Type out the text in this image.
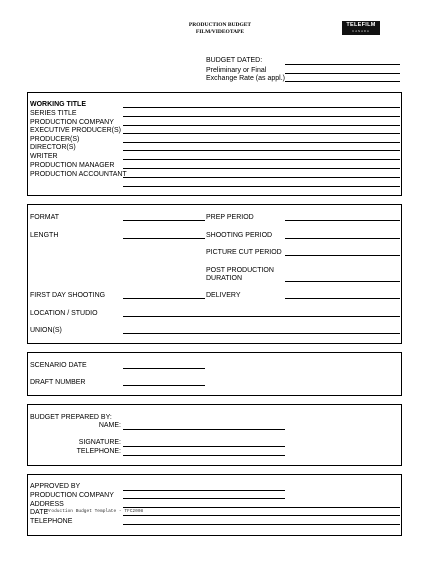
PRODUCTION BUDGET
FILM/VIDEOTAPE
TELEFILM
CANADA
BUDGET DATED:
Preliminary or Final
Exchange Rate (as appl.)
WORKING TITLE
SERIES TITLE
PRODUCTION COMPANY
EXECUTIVE PRODUCER(S)
PRODUCER(S)
DIRECTOR(S)
WRITER
PRODUCTION MANAGER
PRODUCTION ACCOUNTANT
FORMAT	PREP PERIOD
LENGTH	SHOOTING PERIOD
PICTURE CUT PERIOD
POST PRODUCTION
DURATION
FIRST DAY SHOOTING	DELIVERY
LOCATION / STUDIO
UNION(S)
SCENARIO DATE
DRAFT NUMBER
BUDGET PREPARED BY:
NAME:
SIGNATURE:
TELEPHONE:
APPROVED BY
PRODUCTION COMPANY
ADDRESS
DATE
Production Budget Template - TFC2008
TELEPHONE
